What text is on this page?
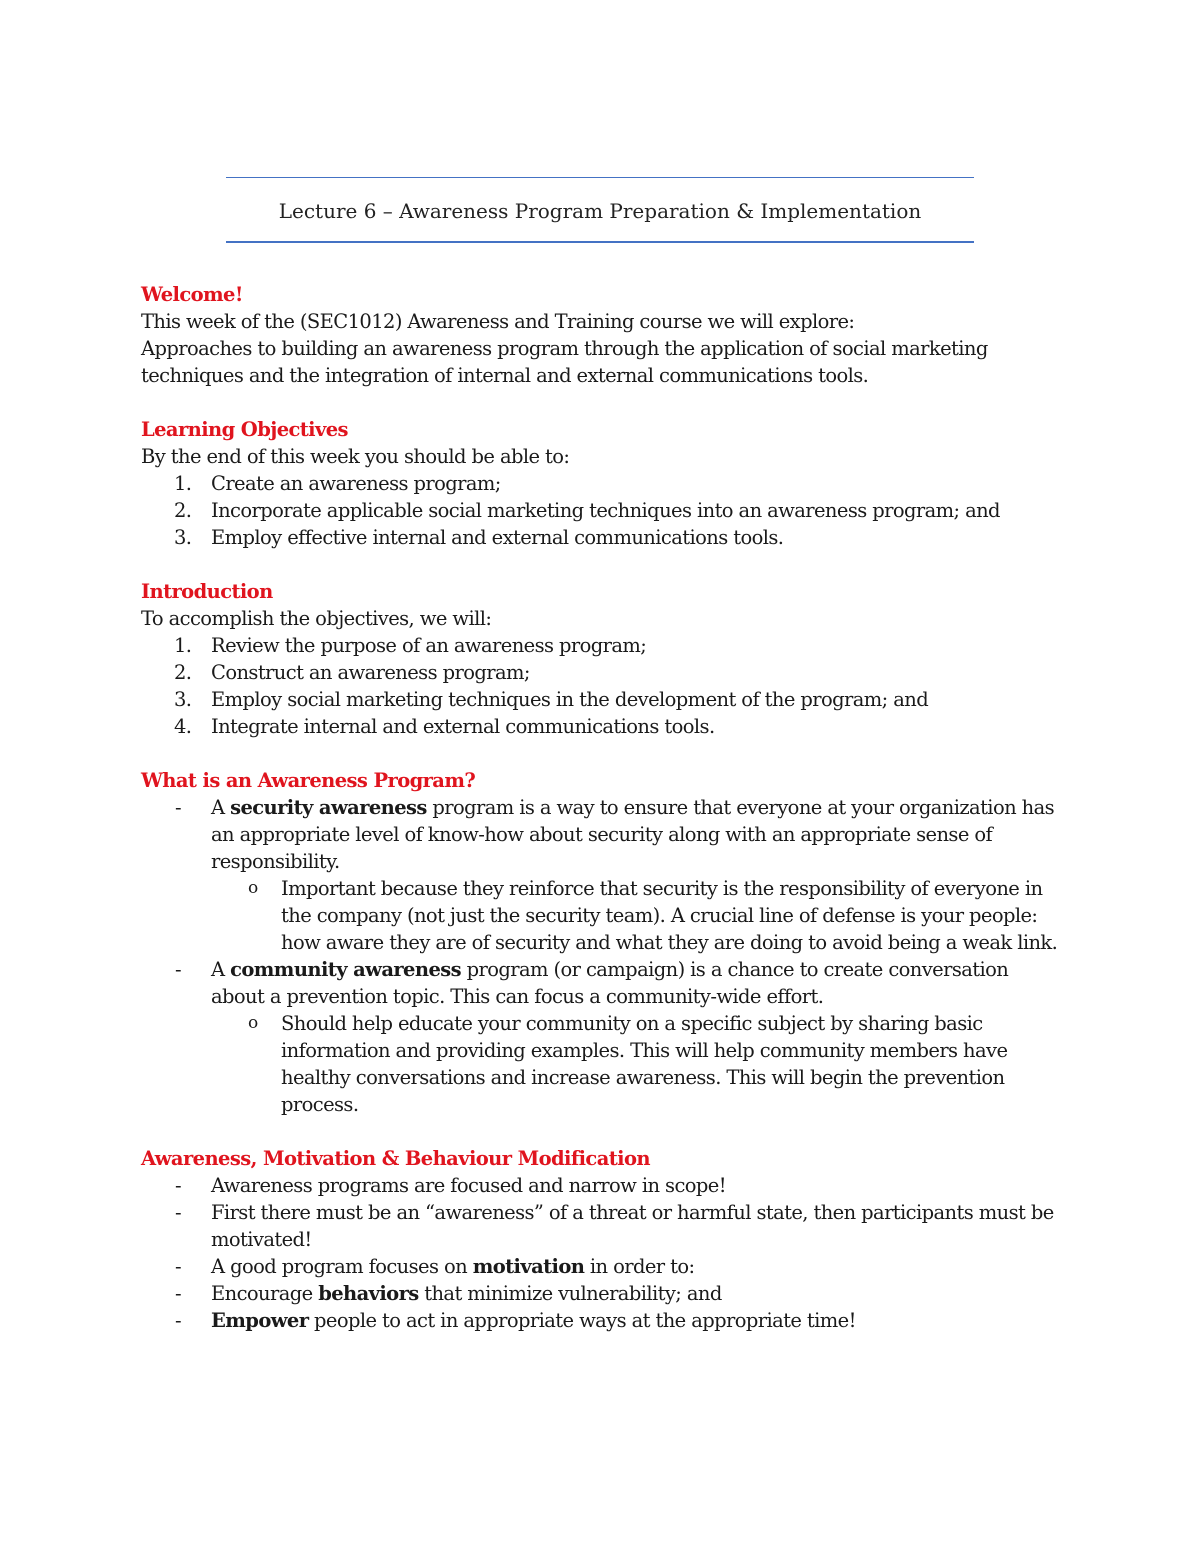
Lecture 6 – Awareness Program Preparation & Implementation
Welcome!
This week of the (SEC1012) Awareness and Training course we will explore:
Approaches to building an awareness program through the application of social marketing techniques and the integration of internal and external communications tools.
Learning Objectives
By the end of this week you should be able to:
1. Create an awareness program;
2. Incorporate applicable social marketing techniques into an awareness program; and
3. Employ effective internal and external communications tools.
Introduction
To accomplish the objectives, we will:
1. Review the purpose of an awareness program;
2. Construct an awareness program;
3. Employ social marketing techniques in the development of the program; and
4. Integrate internal and external communications tools.
What is an Awareness Program?
- A security awareness program is a way to ensure that everyone at your organization has an appropriate level of know-how about security along with an appropriate sense of responsibility.
o Important because they reinforce that security is the responsibility of everyone in the company (not just the security team). A crucial line of defense is your people: how aware they are of security and what they are doing to avoid being a weak link.
- A community awareness program (or campaign) is a chance to create conversation about a prevention topic. This can focus a community-wide effort.
o Should help educate your community on a specific subject by sharing basic information and providing examples. This will help community members have healthy conversations and increase awareness. This will begin the prevention process.
Awareness, Motivation & Behaviour Modification
- Awareness programs are focused and narrow in scope!
- First there must be an “awareness” of a threat or harmful state, then participants must be motivated!
- A good program focuses on motivation in order to:
- Encourage behaviors that minimize vulnerability; and
- Empower people to act in appropriate ways at the appropriate time!
